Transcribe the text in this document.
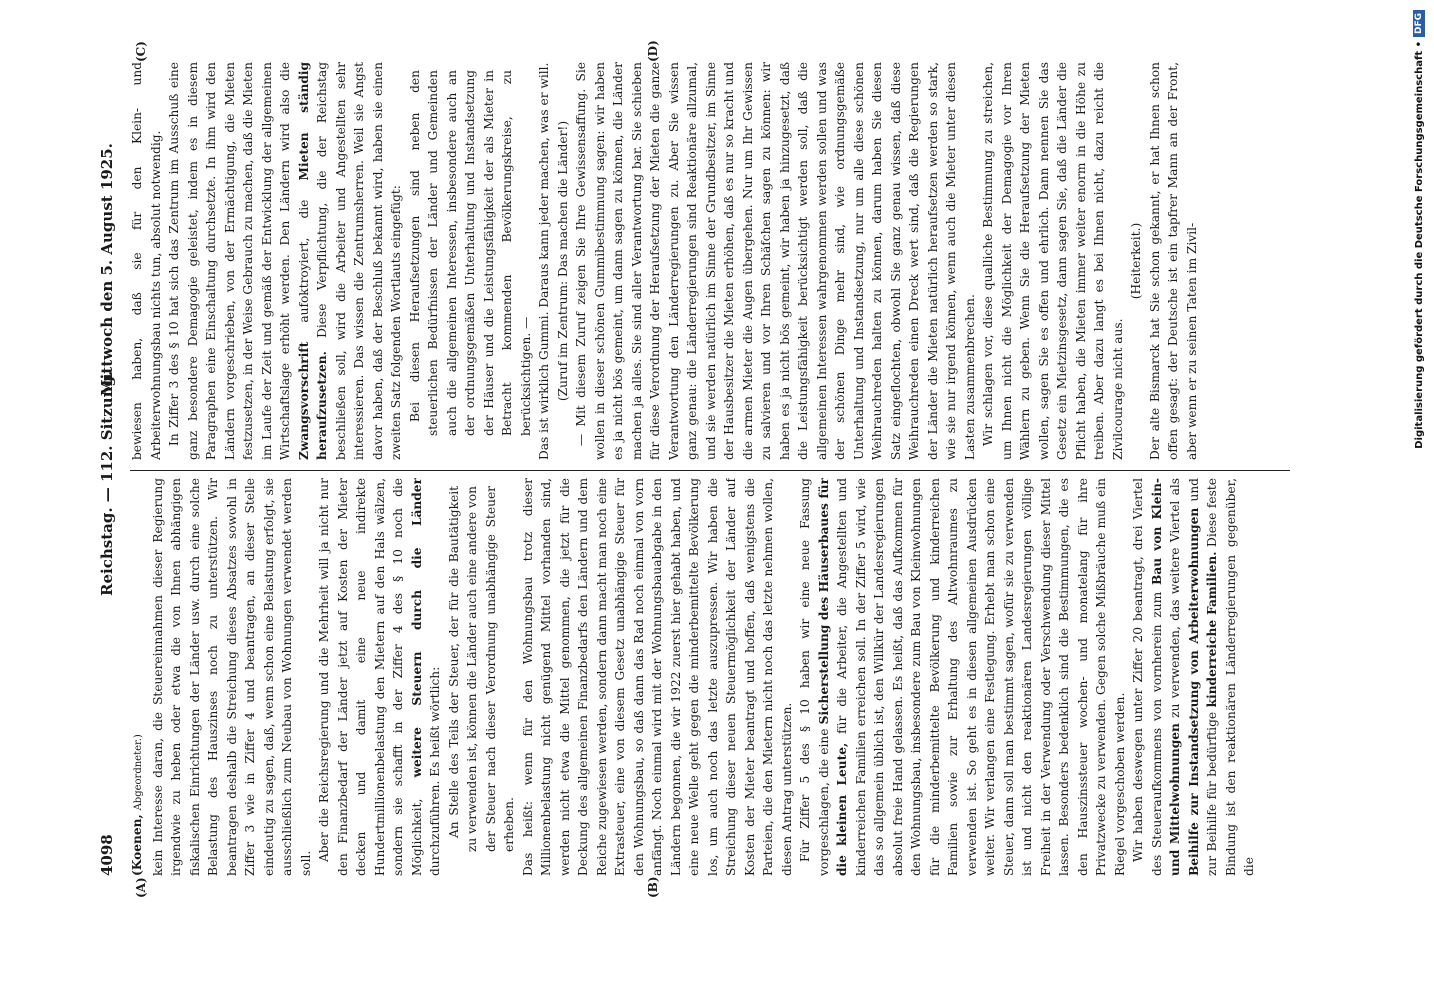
4098
Reichstag. — 112. Sitzung.
Mittwoch den 5. August 1925.
(A)	(B)
(C)	(D)

(Koenen, Abgeordneter.) kein Interesse daran, die Steuereinnahmen dieser Regierung irgendwie zu heben oder etwa die von Ihnen abhängigen fiskalischen Einrichtungen der Länder usw. durch eine solche Belastung des Hauszinses noch zu unterstützen. Wir beantragen deshalb die Streichung dieses Absatzes sowohl in Ziffer 3 wie in Ziffer 4 und beantragen, an dieser Stelle eindeutig zu sagen, daß, wenn schon eine Belastung erfolgt, sie ausschließlich zum Neubau von Wohnungen verwendet werden soll.

Aber die Reichsregierung und die Mehrheit will ja nicht nur den Finanzbedarf der Länder jetzt auf Kosten der Mieter decken und damit eine neue indirekte Hundertmillionenbelastung den Mietern auf den Hals wälzen, sondern sie schafft in der Ziffer 4 des § 10 noch die Möglichkeit, weitere Steuern durch die Länder durchzuführen. Es heißt wörtlich: An Stelle des Teils der Steuer, der für die Bautätigkeit zu verwenden ist, können die Länder auch eine andere von der Steuer nach dieser Verordnung unabhängige Steuer erheben. Das heißt: wenn für den Wohnungsbau trotz dieser Millionenbelastung nicht genügend Mittel vorhanden sind, werden nicht etwa die Mittel genommen, die jetzt für die Deckung des allgemeinen Finanzbedarfs den Ländern und dem Reiche zugewiesen werden, sondern dann macht man noch eine Extrasteuer, eine von diesem Gesetz unabhängige Steuer für den Wohnungsbau, so daß dann das Rad noch einmal von vorn anfängt. Noch einmal wird mit der Wohnungsbauabgabe in den Ländern begonnen, die wir 1922 zuerst hier gehabt haben, und eine neue Welle geht gegen die minderbemittelte Bevölkerung los, um auch noch das letzte auszupressen. Wir haben die Streichung dieser neuen Steuermöglichkeit der Länder auf Kosten der Mieter beantragt und hoffen, daß wenigstens die Parteien, die den Mietern nicht noch das letzte nehmen wollen, diesen Antrag unterstützen. Für Ziffer 5 des § 10 haben wir eine neue Fassung vorgeschlagen, die eine Sicherstellung des Häuserbaues für die kleinen Leute, für die Arbeiter, die Angestellten und kinderreichen Familien erreichen soll. In der Ziffer 5 wird, wie das so allgemein üblich ist, den Willkür der Landesregierungen absolut freie Hand gelassen. Es heißt, daß das Aufkommen für den Wohnungsbau, insbesondere zum Bau von Kleinwohnungen für die minderbemittelte Bevölkerung und kinderreichen Familien sowie zur Erhaltung des Altwohnraumes zu verwenden ist. So geht es in diesen allgemeinen Ausdrücken weiter. Wir verlangen eine Festlegung. Erhebt man schon eine Steuer, dann soll man bestimmt sagen, wofür sie zu verwenden ist und nicht den reaktionären Landesregierungen völlige Freiheit in der Verwendung oder Verschwendung dieser Mittel lassen. Besonders bedenklich sind die Bestimmungen, die es den Hauszinssteuer wochen- und monatelang für ihre Privatzwecke zu verwenden. Gegen solche Mißbräuche muß ein Riegel vorgeschoben werden. Wir haben deswegen unter Ziffer 20 beantragt, drei Viertel des Steueraufkommens von vornherein zum Bau von Klein- und Mittelwohnungen zu verwenden, das weitere Viertel als Beihilfe zur Instandsetzung von Arbeiterwohnungen und zur Beihilfe für bedürftige kinderreiche Familien. Diese feste Bindung ist den reaktionären Länderregierungen gegenüber, die

bewiesen haben, daß sie für den Klein- und Arbeiterwohnungsbau nichts tun, absolut notwendig. In Ziffer 3 des § 10 hat sich das Zentrum im Ausschuß eine ganz besondere Demagogie geleistet, indem es in diesem Paragraphen eine Einschaltung durchsetzte. In ihm wird den Ländern vorgeschrieben, von der Ermächtigung, die Mieten festzusetzen, in der Weise Gebrauch zu machen, daß die Mieten im Laufe der Zeit und gemäß der Entwicklung der allgemeinen Wirtschaftslage erhöht werden. Den Ländern wird also die Zwangsvorschrift aufoktroyiert, die Mieten ständig heraufzusetzen. Diese Verpflichtung, die der Reichstag beschließen soll, wird die Arbeiter und Angestellten sehr interessieren. Das wissen die Zentrumsherren. Weil sie Angst davor haben, daß der Beschluß bekannt wird, haben sie einen zweiten Satz folgenden Wortlauts eingefügt: Bei diesen Heraufsetzungen sind neben den steuerlichen Bedürfnissen der Länder und Gemeinden auch die allgemeinen Interessen, insbesondere auch an der ordnungsgemäßen Unterhaltung und Instandsetzung der Häuser und die Leistungsfähigkeit der als Mieter in Betracht kommenden Bevölkerungskreise, zu berücksichtigen. — Das ist wirklich Gummi. Daraus kann jeder machen, was er will. (Zuruf im Zentrum: Das machen die Länder!) — Mit diesem Zuruf zeigen Sie Ihre Gewissensaffung. Sie wollen in dieser schönen Gummibestimmung sagen: wir haben es ja nicht bös gemeint, um dann sagen zu können, die Länder machen ja alles. Sie sind aller Verantwortung bar. Sie schieben für diese Verordnung der Heraufsetzung der Mieten die ganze Verantwortung den Länderregierungen zu. Aber Sie wissen ganz genau: die Länderregierungen sind Reaktionäre allzumal, und sie werden natürlich im Sinne der Grundbesitzer, im Sinne der Hausbesitzer die Mieten erhöhen, daß es nur so kracht und die armen Mieter die Augen übergehen. Nur um Ihr Gewissen zu salvieren und vor Ihren Schäfchen sagen zu können: wir haben es ja nicht bös gemeint, wir haben ja hinzugesetzt, daß die Leistungsfähigkeit berücksichtigt werden soll, daß die allgemeinen Interessen wahrgenommen werden sollen und was der schönen Dinge mehr sind, wie ordnungsgemäße Unterhaltung und Instandsetzung, nur um alle diese schönen Weihrauchreden halten zu können, darum haben Sie diesen Satz eingeflochten, obwohl Sie ganz genau wissen, daß diese Weihrauchreden einen Dreck wert sind, daß die Regierungen der Länder die Mieten natürlich heraufsetzen werden so stark, wie sie nur irgend können, wenn auch die Mieter unter diesen Lasten zusammenbrechen. Wir schlagen vor, diese qualliche Bestimmung zu streichen, um Ihnen nicht die Möglichkeit der Demagogie vor Ihren Wählern zu geben. Wenn Sie die Heraufsetzung der Mieten wollen, sagen Sie es offen und ehrlich. Dann nennen Sie das Gesetz ein Mietzinsgesetz, dann sagen Sie, daß die Länder die Pflicht haben, die Mieten immer weiter enorm in die Höhe zu treiben. Aber dazu langt es bei Ihnen nicht, dazu reicht die Zivilcourage nicht aus.

(Heiterkeit.) Der alte Bismarck hat Sie schon gekannt, er hat Ihnen schon offen gesagt: der Deutsche ist ein tapfrer Mann an der Front, aber wenn er zu seinen Taten im Zivil-	Digitalisierung gefördert durch die Deutsche Forschungsgemeinschaft •DFG
